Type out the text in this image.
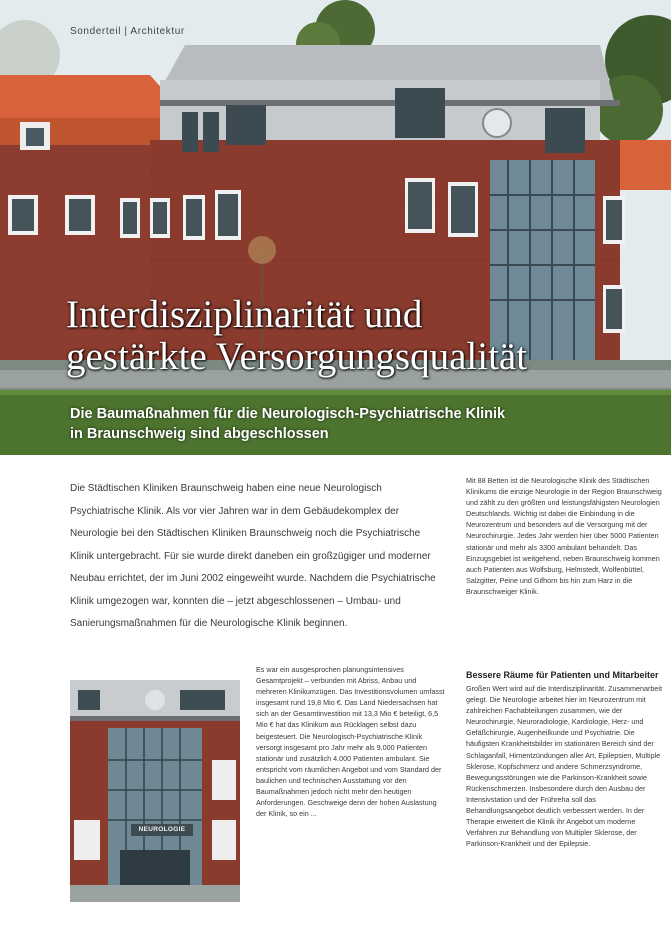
Sonderteil | Architektur
Interdisziplinarität und
gestärkte Versorgungsqualität
Die Baumaßnahmen für die Neurologisch-Psychiatrische Klinik
in Braunschweig sind abgeschlossen

Die Städtischen Kliniken Braunschweig haben eine neue Neurologisch Psychiatrische Klinik. Als vor vier Jahren war in dem Gebäudekomplex der Neurologie bei den Städtischen Kliniken Braunschweig noch die Psychiatrische Klinik untergebracht. Für sie wurde direkt daneben ein großzügiger und moderner Neubau errichtet, der im Juni 2002 eingeweiht wurde. Nachdem die Psychiatrische Klinik umgezogen war, konnten die – jetzt abgeschlossenen – Umbau- und Sanierungsmaßnahmen für die Neurologische Klinik beginnen.

NEUROLOGIE

Es war ein ausgesprochen planungsintensives Gesamtprojekt – verbunden mit Abriss, Anbau und mehreren Klinikumzügen. Das Investitionsvolumen umfasst insgesamt rund 19,8 Mio €. Das Land Niedersachsen hat sich an der Gesamtinvestition mit 13,3 Mio € beteiligt, 6,5 Mio € hat das Klinikum aus Rücklagen selbst dazu beigesteuert. Die Neurologisch-Psychiatrische Klinik versorgt insgesamt pro Jahr mehr als 9.000 Patienten stationär und zusätzlich 4.000 Patienten ambulant. Sie entspricht vom räumlichen Angebot und vom Standard der baulichen und technischen Ausstattung vor den Baumaßnahmen jedoch nicht mehr den heutigen Anforderungen. Geschweige denn der hohen Auslastung der Klinik, so ein ...

Mit 88 Betten ist die Neurologische Klinik des Städtischen Klinikums die einzige Neurologie in der Region Braunschweig und zählt zu den größten und leistungsfähigsten Neurologien Deutschlands. Wichtig ist dabei die Einbindung in die Neurozentrum und besonders auf die Versorgung mit der Neurochirurgie. Jedes Jahr werden hier über 5000 Patienten stationär und mehr als 3300 ambulant behandelt. Das Einzugsgebiet ist weitgehend, neben Braunschweig kommen auch Patienten aus Wolfsburg, Helmstedt, Wolfenbüttel, Salzgitter, Peine und Gifhorn bis hin zum Harz in die Braunschweiger Klinik.

Bessere Räume für Patienten und Mitarbeiter

Großen Wert wird auf die Interdisziplinarität. Zusammenarbeit gelegt. Die Neurologie arbeitet hier im Neurozentrum mit zahlreichen Fachabteilungen zusammen, wie der Neurochirurgie, Neuroradiologie, Kardiologie, Herz- und Gefäßchirurgie, Augenheilkunde und Psychiatrie. Die häufigsten Krankheitsbilder im stationären Bereich sind der Schlaganfall, Hirnentzündungen aller Art, Epilepsien, Multiple Sklerose, Kopfschmerz und andere Schmerzsyndrome, Bewegungsstörungen wie die Parkinson-Krankheit sowie Rückenschmerzen. Insbesondere durch den Ausbau der Intensivstation und der Frühreha soll das Behandlungsangebot deutlich verbessert werden. In der Therapie erweitert die Klinik ihr Angebot um moderne Verfahren zur Behandlung von Multipler Sklerose, der Parkinson-Krankheit und der Epilepsie.
